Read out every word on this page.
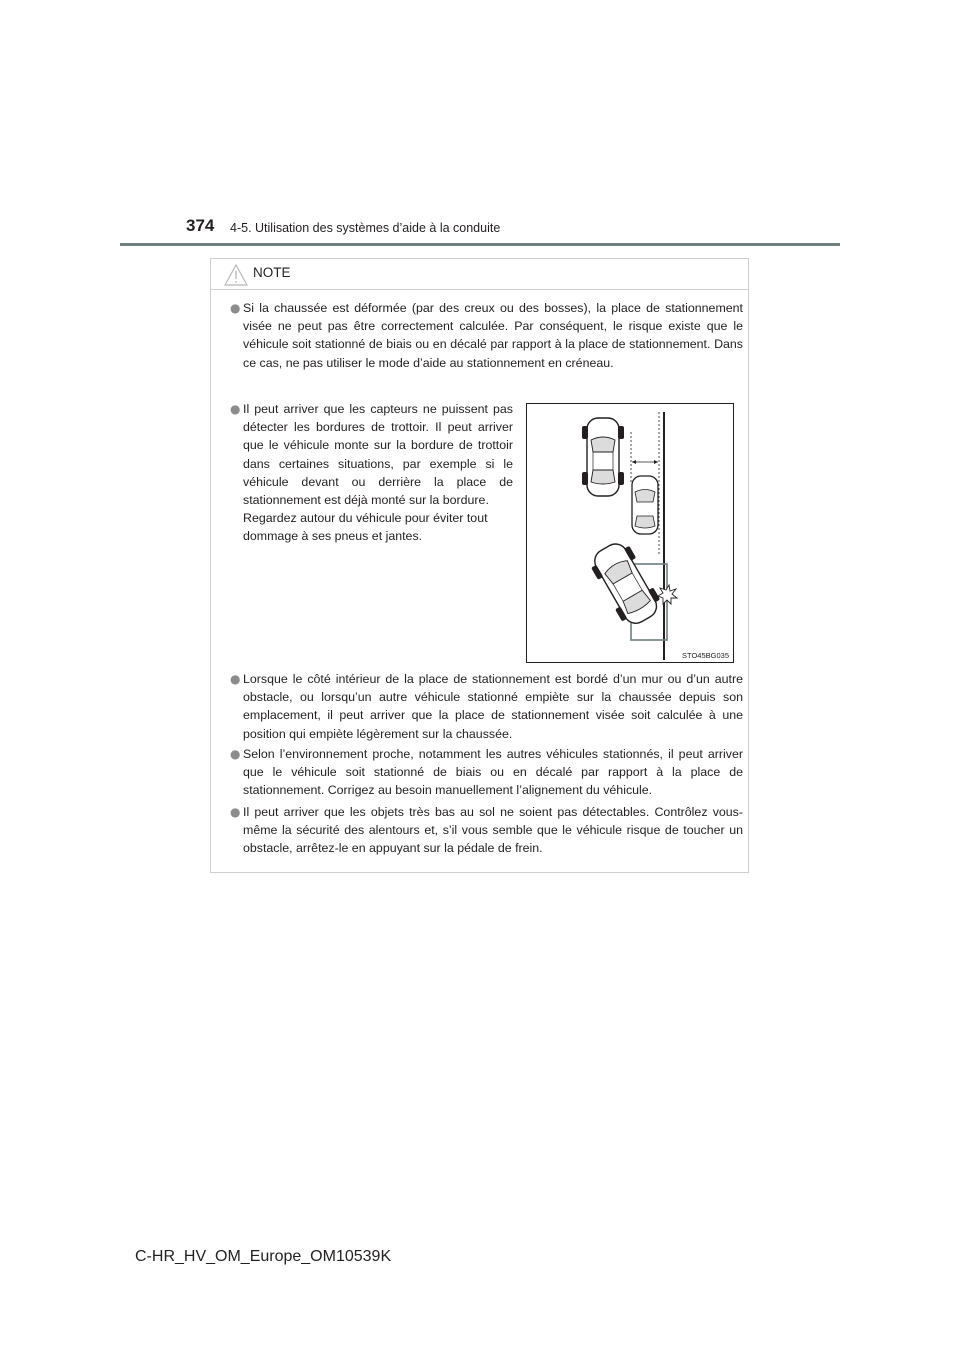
374 4-5. Utilisation des systèmes d’aide à la conduite
NOTE
● Si la chaussée est déformée (par des creux ou des bosses), la place de stationnement visée ne peut pas être correctement calculée. Par conséquent, le risque existe que le véhicule soit stationné de biais ou en décalé par rapport à la place de stationnement. Dans ce cas, ne pas utiliser le mode d’aide au stationnement en créneau.

● Il peut arriver que les capteurs ne puissent pas détecter les bordures de trottoir. Il peut arriver que le véhicule monte sur la bordure de trottoir dans certaines situations, par exemple si le véhicule devant ou derrière la place de stationnement est déjà monté sur la bordure.

Regardez autour du véhicule pour éviter tout dommage à ses pneus et jantes.

STO45BG035
● Lorsque le côté intérieur de la place de stationnement est bordé d’un mur ou d’un autre obstacle, ou lorsqu’un autre véhicule stationné empiète sur la chaussée depuis son emplacement, il peut arriver que la place de stationnement visée soit calculée à une position qui empiète légèrement sur la chaussée.

● Selon l’environnement proche, notamment les autres véhicules stationnés, il peut arriver que le véhicule soit stationné de biais ou en décalé par rapport à la place de stationnement. Corrigez au besoin manuellement l’alignement du véhicule.

● Il peut arriver que les objets très bas au sol ne soient pas détectables. Contrôlez vous-même la sécurité des alentours et, s’il vous semble que le véhicule risque de toucher un obstacle, arrêtez-le en appuyant sur la pédale de frein.

C-HR_HV_OM_Europe_OM10539K
